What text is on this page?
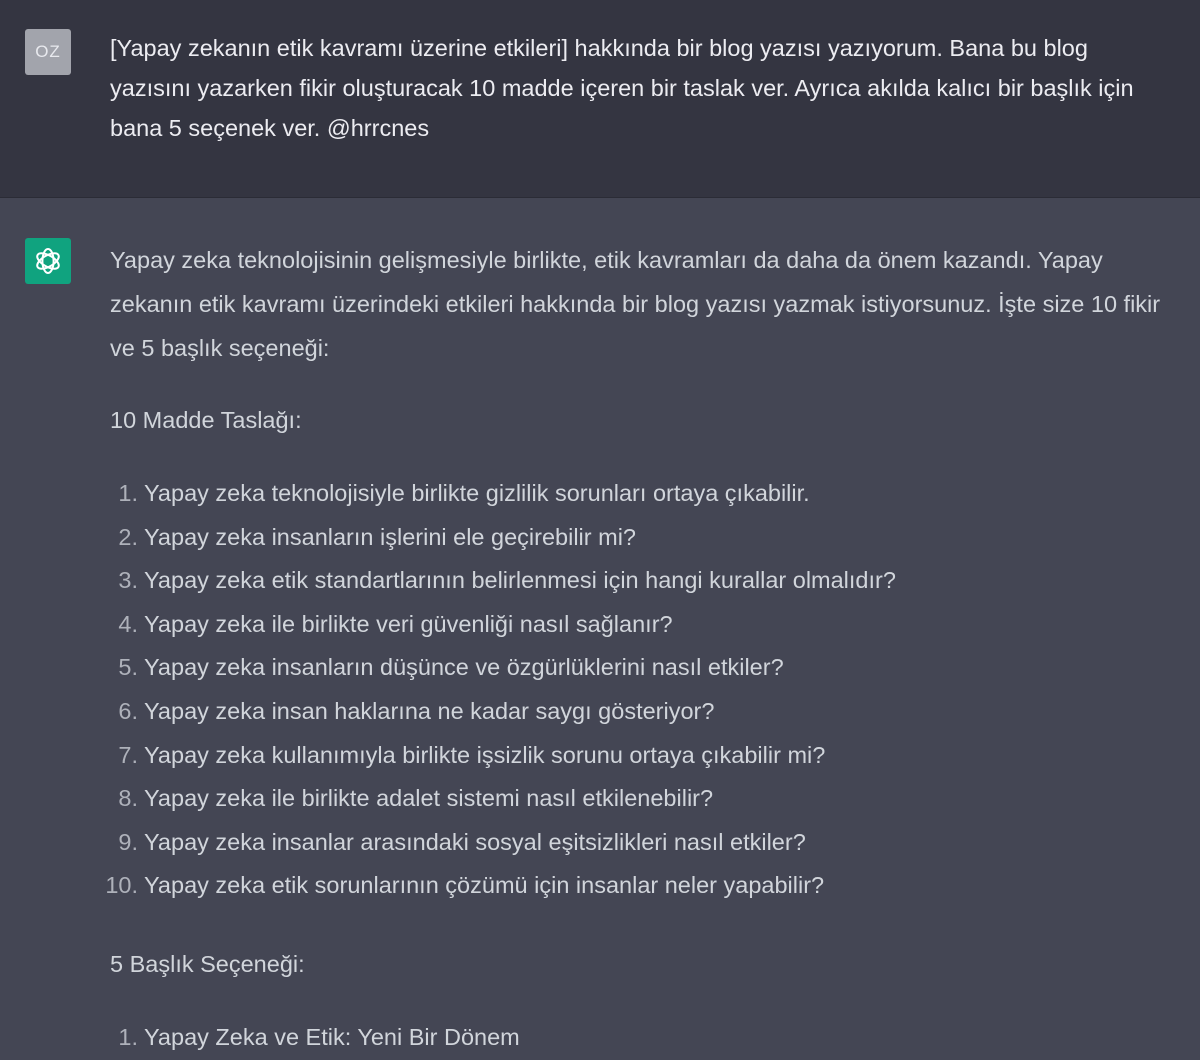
OZ [Yapay zekanın etik kavramı üzerine etkileri] hakkında bir blog yazısı yazıyorum. Bana bu blog yazısını yazarken fikir oluşturacak 10 madde içeren bir taslak ver. Ayrıca akılda kalıcı bir başlık için bana 5 seçenek ver. @hrrcnes

Yapay zeka teknolojisinin gelişmesiyle birlikte, etik kavramları da daha da önem kazandı. Yapay zekanın etik kavramı üzerindeki etkileri hakkında bir blog yazısı yazmak istiyorsunuz. İşte size 10 fikir ve 5 başlık seçeneği:

10 Madde Taslağı:

1. Yapay zeka teknolojisiyle birlikte gizlilik sorunları ortaya çıkabilir.
2. Yapay zeka insanların işlerini ele geçirebilir mi?
3. Yapay zeka etik standartlarının belirlenmesi için hangi kurallar olmalıdır?
4. Yapay zeka ile birlikte veri güvenliği nasıl sağlanır?
5. Yapay zeka insanların düşünce ve özgürlüklerini nasıl etkiler?
6. Yapay zeka insan haklarına ne kadar saygı gösteriyor?
7. Yapay zeka kullanımıyla birlikte işsizlik sorunu ortaya çıkabilir mi?
8. Yapay zeka ile birlikte adalet sistemi nasıl etkilenebilir?
9. Yapay zeka insanlar arasındaki sosyal eşitsizlikleri nasıl etkiler?
10. Yapay zeka etik sorunlarının çözümü için insanlar neler yapabilir?

5 Başlık Seçeneği:

1. Yapay Zeka ve Etik: Yeni Bir Dönem
